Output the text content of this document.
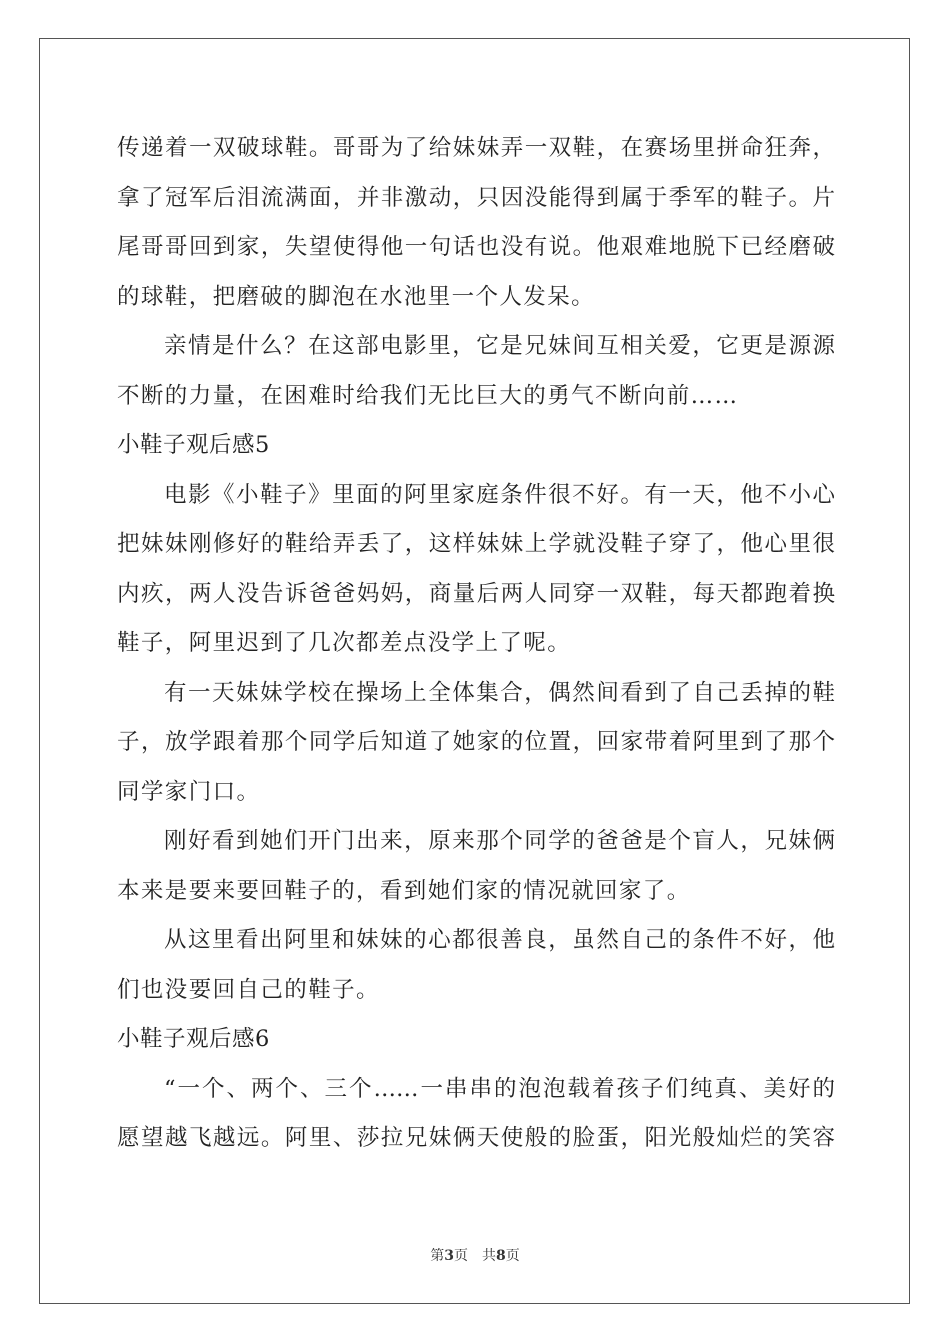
传递着一双破球鞋。哥哥为了给妹妹弄一双鞋，在赛场里拼命狂奔，
拿了冠军后泪流满面，并非激动，只因没能得到属于季军的鞋子。片
尾哥哥回到家，失望使得他一句话也没有说。他艰难地脱下已经磨破
的球鞋，把磨破的脚泡在水池里一个人发呆。
亲情是什么？在这部电影里，它是兄妹间互相关爱，它更是源源
不断的力量，在困难时给我们无比巨大的勇气不断向前……
小鞋子观后感5
电影《小鞋子》里面的阿里家庭条件很不好。有一天，他不小心
把妹妹刚修好的鞋给弄丢了，这样妹妹上学就没鞋子穿了，他心里很
内疚，两人没告诉爸爸妈妈，商量后两人同穿一双鞋，每天都跑着换
鞋子，阿里迟到了几次都差点没学上了呢。
有一天妹妹学校在操场上全体集合，偶然间看到了自己丢掉的鞋
子，放学跟着那个同学后知道了她家的位置，回家带着阿里到了那个
同学家门口。
刚好看到她们开门出来，原来那个同学的爸爸是个盲人，兄妹俩
本来是要来要回鞋子的，看到她们家的情况就回家了。
从这里看出阿里和妹妹的心都很善良，虽然自己的条件不好，他
们也没要回自己的鞋子。
小鞋子观后感6
“一个、两个、三个……一串串的泡泡载着孩子们纯真、美好的
愿望越飞越远。阿里、莎拉兄妹俩天使般的脸蛋，阳光般灿烂的笑容
第3页　共8页
